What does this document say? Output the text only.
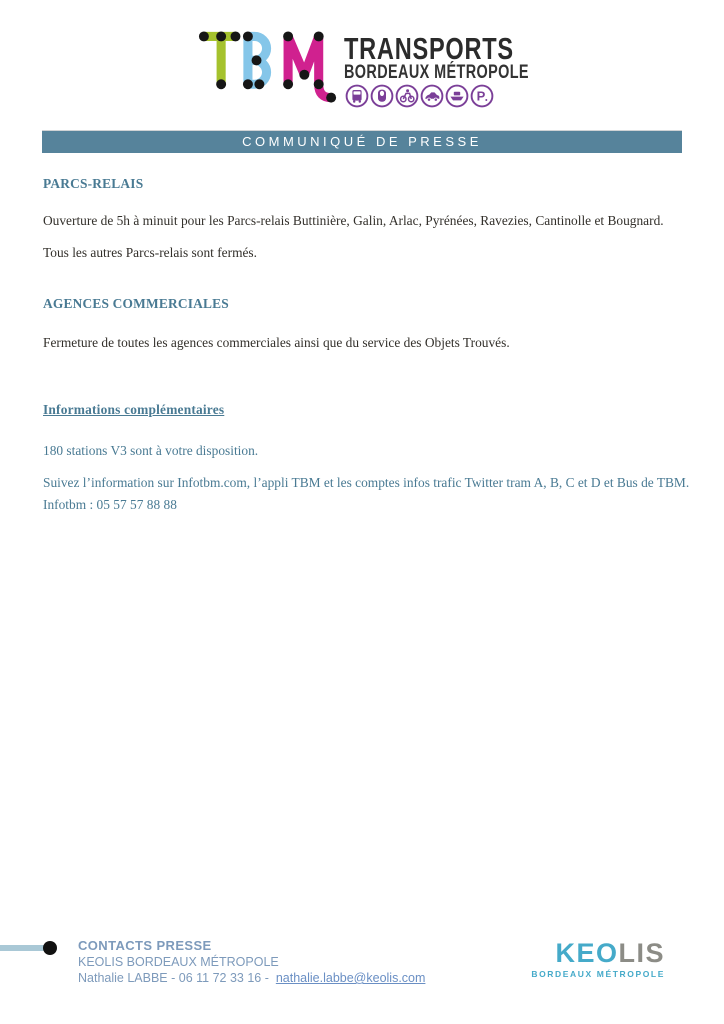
TRANSPORTS
BORDEAUX MÉTROPOLE
P
COMMUNIQUÉ DE PRESSE
PARCS-RELAIS

Ouverture de 5h à minuit pour les Parcs-relais Buttinière, Galin, Arlac, Pyrénées, Ravezies, Cantinolle et Bougnard.

Tous les autres Parcs-relais sont fermés.

AGENCES COMMERCIALES

Fermeture de toutes les agences commerciales ainsi que du service des Objets Trouvés.

Informations complémentaires

180 stations V3 sont à votre disposition.

Suivez l’information sur Infotbm.com, l’appli TBM et les comptes infos trafic Twitter tram A, B, C et D et Bus de TBM.  Infotbm : 05 57 57 88 88

CONTACTS PRESSE
KEOLIS BORDEAUX MÉTROPOLE
Nathalie LABBE - 06 11 72 33 16 -  nathalie.labbe@keolis.com
KEOLIS
BORDEAUX MÉTROPOLE
